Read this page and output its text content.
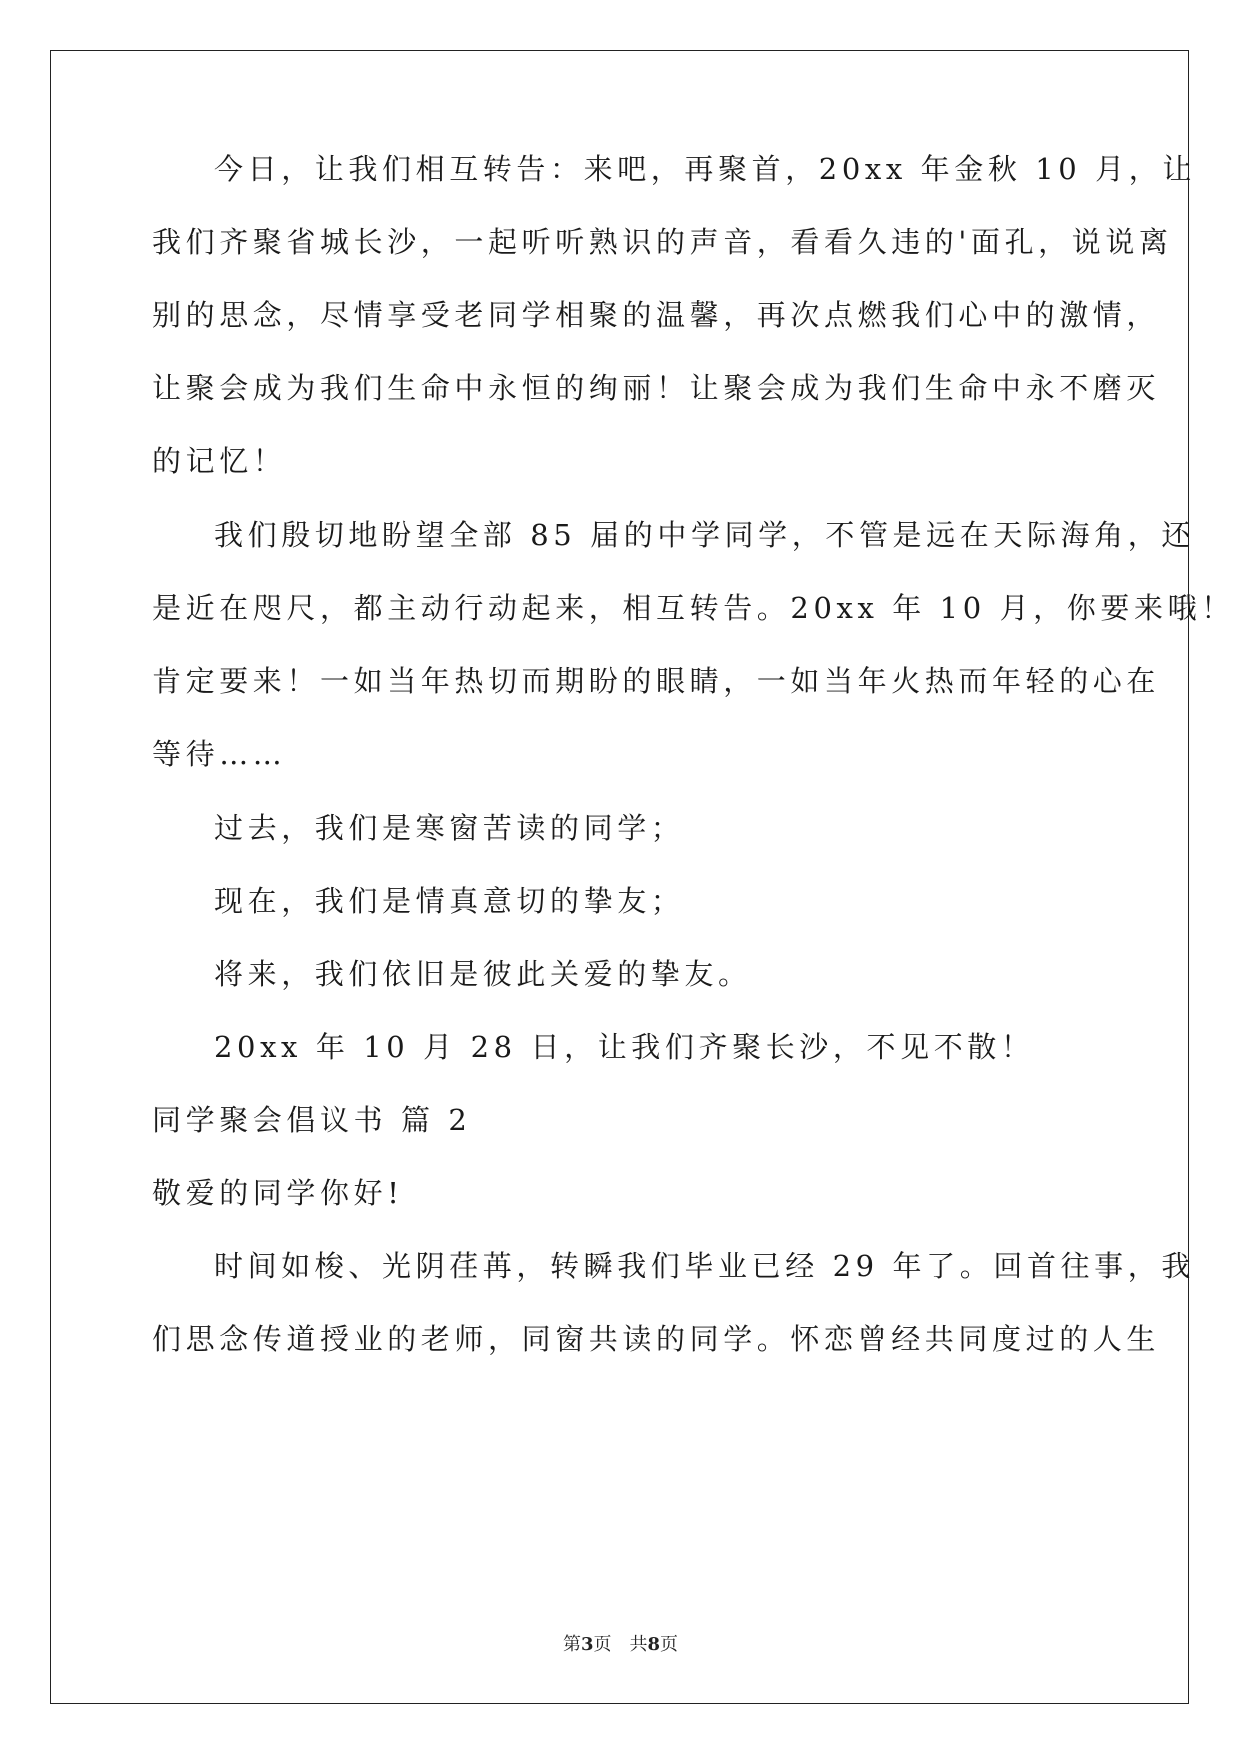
今日，让我们相互转告：来吧，再聚首，20xx 年金秋 10 月，让
我们齐聚省城长沙，一起听听熟识的声音，看看久违的'面孔，说说离
别的思念，尽情享受老同学相聚的温馨，再次点燃我们心中的激情，
让聚会成为我们生命中永恒的绚丽！让聚会成为我们生命中永不磨灭
的记忆！
我们殷切地盼望全部 85 届的中学同学，不管是远在天际海角，还
是近在咫尺，都主动行动起来，相互转告。20xx 年 10 月，你要来哦！
肯定要来！一如当年热切而期盼的眼睛，一如当年火热而年轻的心在
等待……
过去，我们是寒窗苦读的同学；
现在，我们是情真意切的挚友；
将来，我们依旧是彼此关爱的挚友。
20xx 年 10 月 28 日，让我们齐聚长沙，不见不散！
同学聚会倡议书 篇 2
敬爱的同学你好!
时间如梭、光阴荏苒，转瞬我们毕业已经 29 年了。回首往事，我
们思念传道授业的老师，同窗共读的同学。怀恋曾经共同度过的人生
第3页　共8页
